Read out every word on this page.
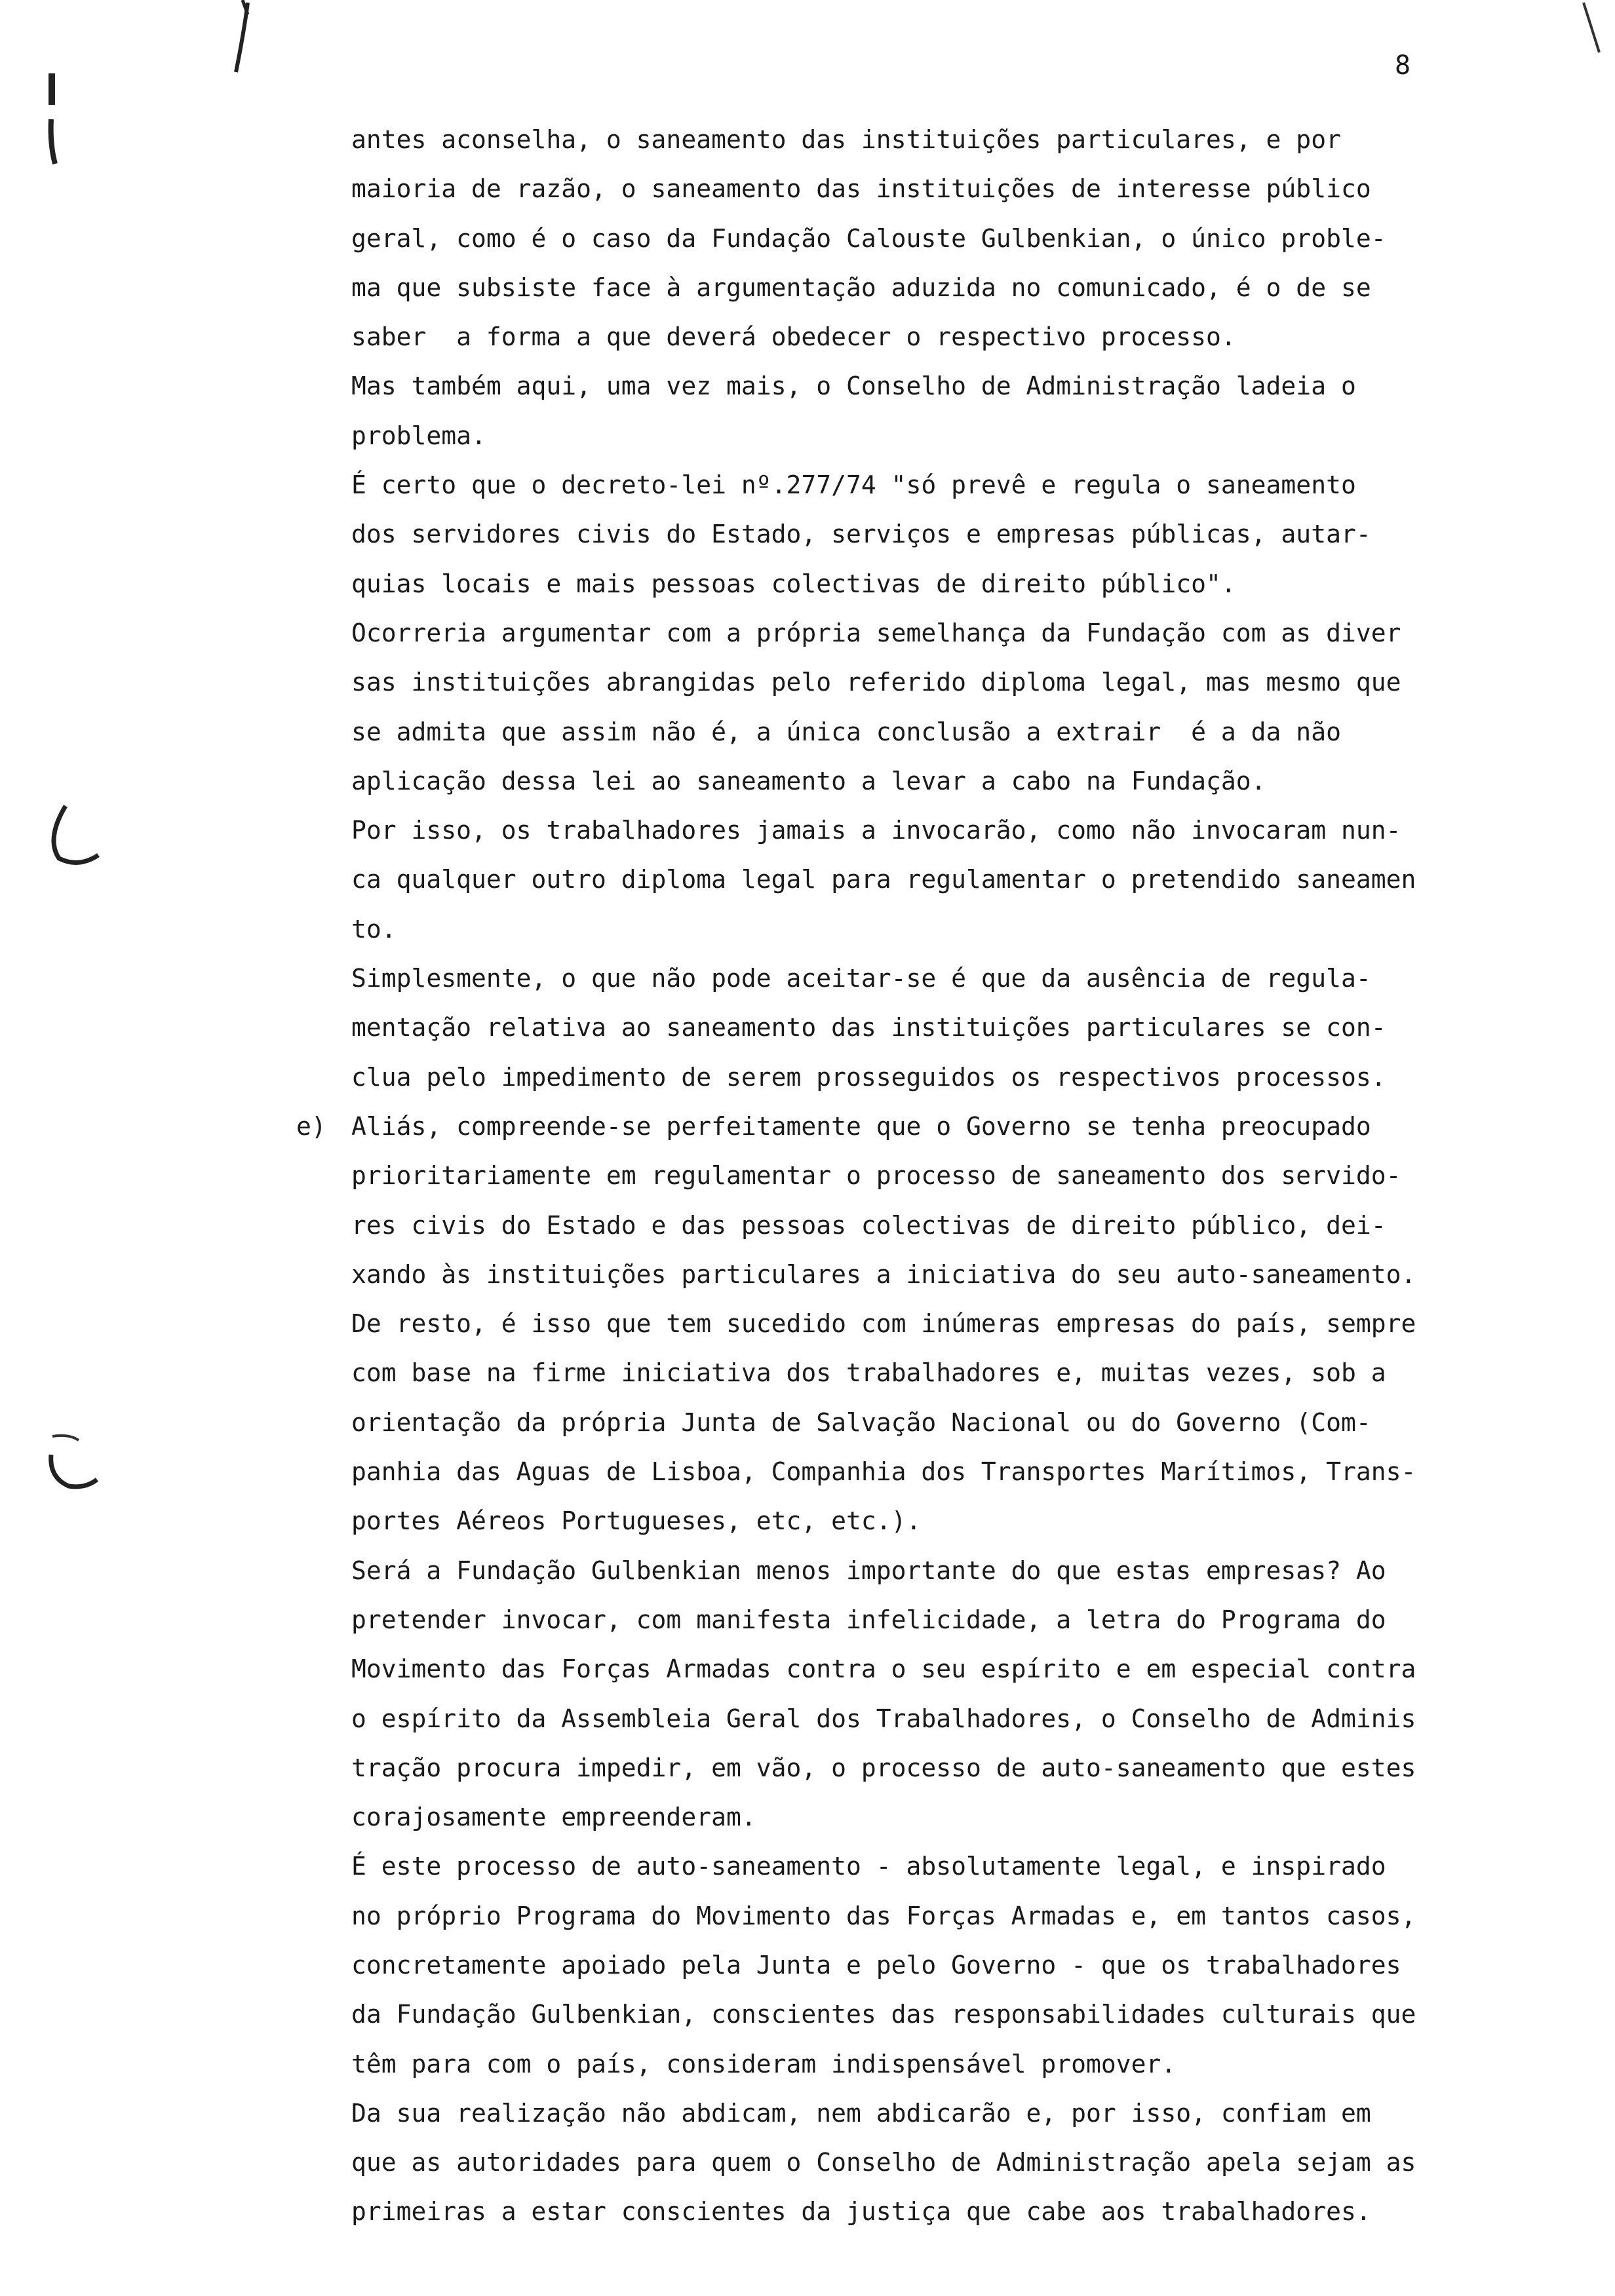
8
e)
antes aconselha, o saneamento das instituições particulares, e por
maioria de razão, o saneamento das instituições de interesse público
geral, como é o caso da Fundação Calouste Gulbenkian, o único proble-
ma que subsiste face à argumentação aduzida no comunicado, é o de se
saber  a forma a que deverá obedecer o respectivo processo.
Mas também aqui, uma vez mais, o Conselho de Administração ladeia o
problema.
É certo que o decreto-lei nº.277/74 "só prevê e regula o saneamento
dos servidores civis do Estado, serviços e empresas públicas, autar-
quias locais e mais pessoas colectivas de direito público".
Ocorreria argumentar com a própria semelhança da Fundação com as diver
sas instituições abrangidas pelo referido diploma legal, mas mesmo que
se admita que assim não é, a única conclusão a extrair  é a da não
aplicação dessa lei ao saneamento a levar a cabo na Fundação.
Por isso, os trabalhadores jamais a invocarão, como não invocaram nun-
ca qualquer outro diploma legal para regulamentar o pretendido saneamen
to.
Simplesmente, o que não pode aceitar-se é que da ausência de regula-
mentação relativa ao saneamento das instituições particulares se con-
clua pelo impedimento de serem prosseguidos os respectivos processos.
Aliás, compreende-se perfeitamente que o Governo se tenha preocupado
prioritariamente em regulamentar o processo de saneamento dos servido-
res civis do Estado e das pessoas colectivas de direito público, dei-
xando às instituições particulares a iniciativa do seu auto-saneamento.
De resto, é isso que tem sucedido com inúmeras empresas do país, sempre
com base na firme iniciativa dos trabalhadores e, muitas vezes, sob a
orientação da própria Junta de Salvação Nacional ou do Governo (Com-
panhia das Aguas de Lisboa, Companhia dos Transportes Marítimos, Trans-
portes Aéreos Portugueses, etc, etc.).
Será a Fundação Gulbenkian menos importante do que estas empresas? Ao
pretender invocar, com manifesta infelicidade, a letra do Programa do
Movimento das Forças Armadas contra o seu espírito e em especial contra
o espírito da Assembleia Geral dos Trabalhadores, o Conselho de Adminis
tração procura impedir, em vão, o processo de auto-saneamento que estes
corajosamente empreenderam.
É este processo de auto-saneamento - absolutamente legal, e inspirado
no próprio Programa do Movimento das Forças Armadas e, em tantos casos,
concretamente apoiado pela Junta e pelo Governo - que os trabalhadores
da Fundação Gulbenkian, conscientes das responsabilidades culturais que
têm para com o país, consideram indispensável promover.
Da sua realização não abdicam, nem abdicarão e, por isso, confiam em
que as autoridades para quem o Conselho de Administração apela sejam as
primeiras a estar conscientes da justiça que cabe aos trabalhadores.
